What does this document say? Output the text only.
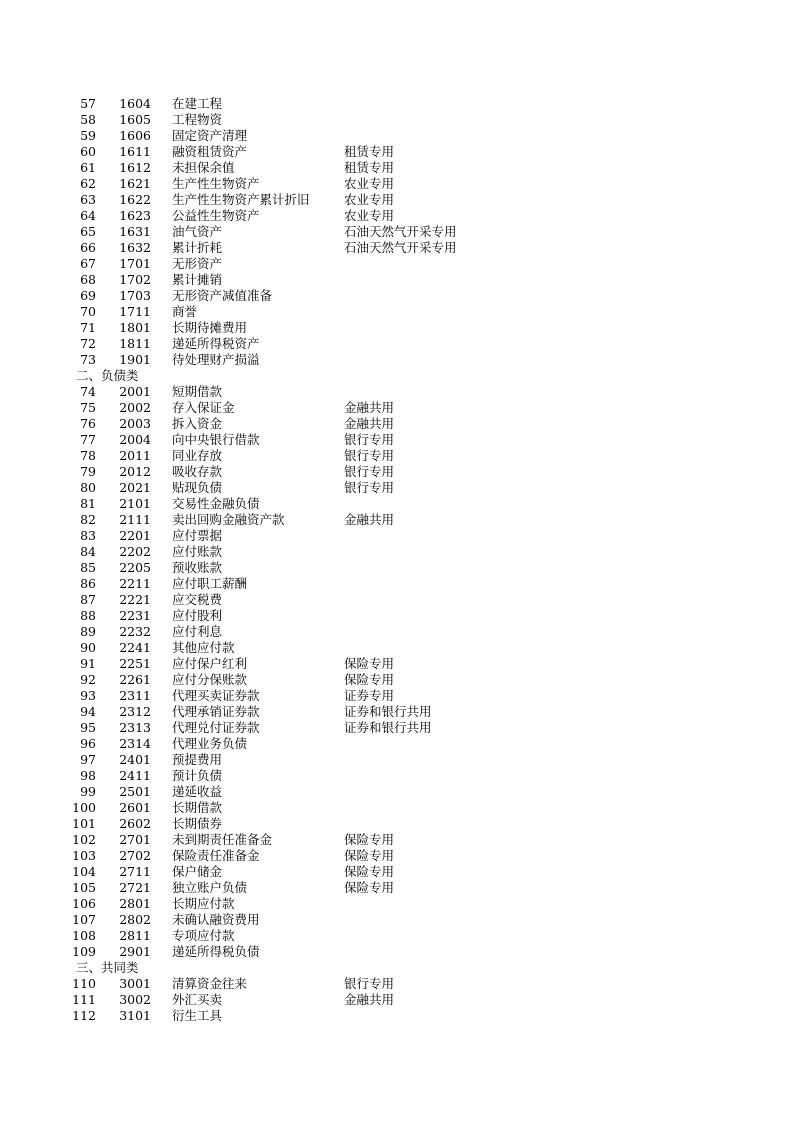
57 1604 在建工程
58 1605 工程物资
59 1606 固定资产清理
60 1611 融资租赁资产	租赁专用
61 1612 未担保余值	租赁专用
62 1621 生产性生物资产	农业专用
63 1622 生产性生物资产累计折旧	农业专用
64 1623 公益性生物资产	农业专用
65 1631 油气资产	石油天然气开采专用
66 1632 累计折耗	石油天然气开采专用
67 1701 无形资产
68 1702 累计摊销
69 1703 无形资产减值准备
70 1711 商誉
71 1801 长期待摊费用
72 1811 递延所得税资产
73 1901 待处理财产损溢
二、负债类
74 2001 短期借款
75 2002 存入保证金	金融共用
76 2003 拆入资金	金融共用
77 2004 向中央银行借款	银行专用
78 2011 同业存放	银行专用
79 2012 吸收存款	银行专用
80 2021 贴现负债	银行专用
81 2101 交易性金融负债
82 2111 卖出回购金融资产款	金融共用
83 2201 应付票据
84 2202 应付账款
85 2205 预收账款
86 2211 应付职工薪酬
87 2221 应交税费
88 2231 应付股利
89 2232 应付利息
90 2241 其他应付款
91 2251 应付保户红利	保险专用
92 2261 应付分保账款	保险专用
93 2311 代理买卖证券款	证券专用
94 2312 代理承销证券款	证券和银行共用
95 2313 代理兑付证券款	证券和银行共用
96 2314 代理业务负债
97 2401 预提费用
98 2411 预计负债
99 2501 递延收益
100 2601 长期借款
101 2602 长期债券
102 2701 未到期责任准备金	保险专用
103 2702 保险责任准备金	保险专用
104 2711 保户储金	保险专用
105 2721 独立账户负债	保险专用
106 2801 长期应付款
107 2802 未确认融资费用
108 2811 专项应付款
109 2901 递延所得税负债
三、共同类
110 3001 清算资金往来	银行专用
111 3002 外汇买卖	金融共用
112 3101 衍生工具
